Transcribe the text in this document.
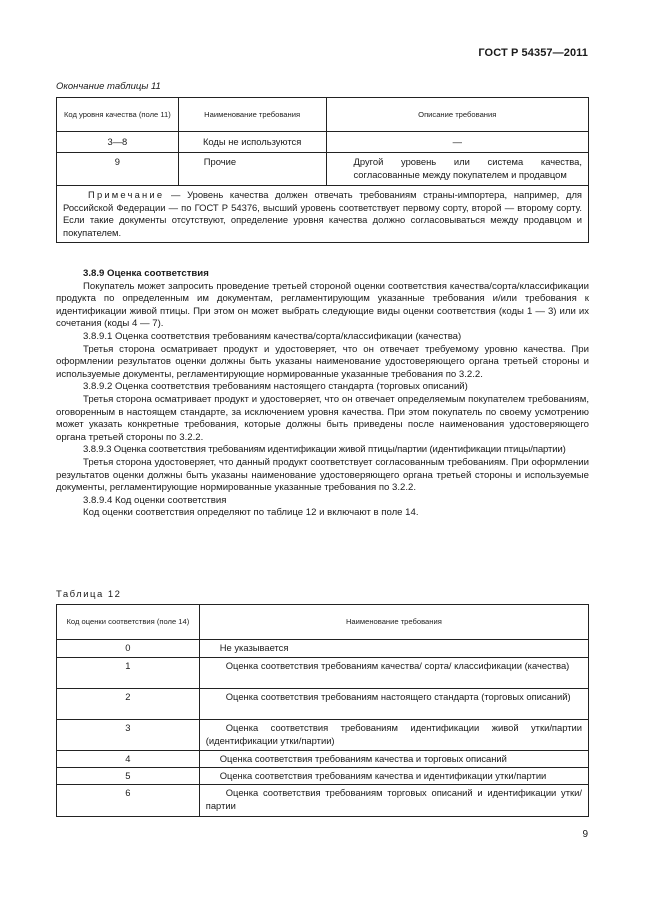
ГОСТ Р 54357—2011
Окончание таблицы 11
Код уровня качества (поле 11)	Наименование требования	Описание требования
3—8	Коды не используются	—
9	Прочие	Другой уровень или система качества, согласованные между покупателем и продавцом
Примечание — Уровень качества должен отвечать требованиям страны-импортера, например, для Российской Федерации — по ГОСТ Р 54376, высший уровень соответствует первому сорту, второй — второму сорту. Если такие документы отсутствуют, определение уровня качества должно согласовываться между продавцом и покупателем.		

3.8.9 Оценка соответствия

Покупатель может запросить проведение третьей стороной оценки соответствия качества/сорта/классификации продукта по определенным им документам, регламентирующим указанные требования и/или требования к идентификации живой птицы. При этом он может выбрать следующие виды оценки соответствия (коды 1 — 3) или их сочетания (коды 4 — 7).

3.8.9.1 Оценка соответствия требованиям качества/сорта/классификации (качества)

Третья сторона осматривает продукт и удостоверяет, что он отвечает требуемому уровню качества. При оформлении результатов оценки должны быть указаны наименование удостоверяющего органа третьей стороны и используемые документы, регламентирующие нормированные указанные требования по 3.2.2.

3.8.9.2 Оценка соответствия требованиям настоящего стандарта (торговых описаний)

Третья сторона осматривает продукт и удостоверяет, что он отвечает определяемым покупателем требованиям, оговоренным в настоящем стандарте, за исключением уровня качества. При этом покупатель по своему усмотрению может указать конкретные требования, которые должны быть приведены после наименования удостоверяющего органа третьей стороны по 3.2.2.

3.8.9.3 Оценка соответствия требованиям идентификации живой птицы/партии (идентификации птицы/партии)

Третья сторона удостоверяет, что данный продукт соответствует согласованным требованиям. При оформлении результатов оценки должны быть указаны наименование удостоверяющего органа третьей стороны и используемые документы, регламентирующие нормированные указанные требования по 3.2.2.

3.8.9.4 Код оценки соответствия

Код оценки соответствия определяют по таблице 12 и включают в поле 14.

Таблица 12
Код оценки соответствия (поле 14)	Наименование требования
0	Не указывается
1	Оценка соответствия требованиям качества/ сорта/ классификации (качества)
2	Оценка соответствия требованиям настоящего стандарта (торговых описаний)
3	Оценка соответствия требованиям идентификации живой утки/партии (идентификации утки/партии)
4	Оценка соответствия требованиям качества и торговых описаний
5	Оценка соответствия требованиям качества и идентификации утки/партии
6	Оценка соответствия требованиям торговых описаний и идентификации утки/партии
9
